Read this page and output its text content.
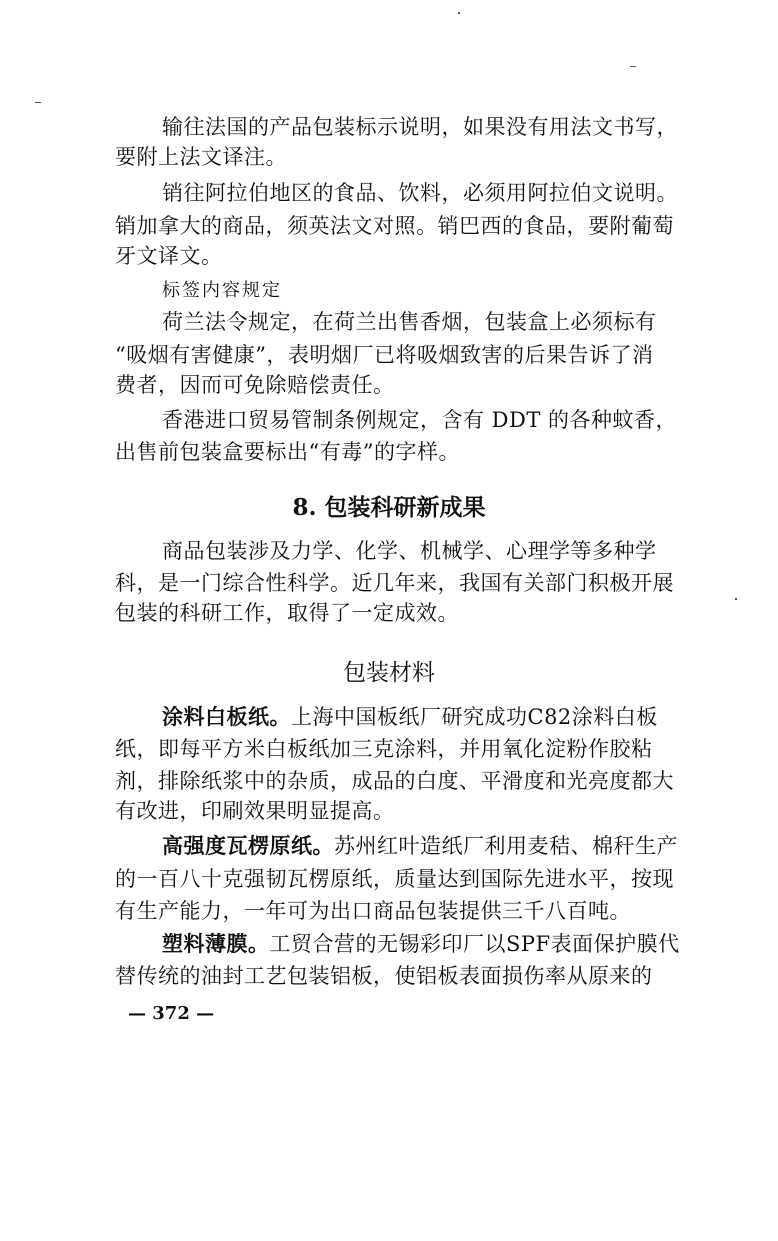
输往法国的产品包装标示说明，如果没有用法文书写，
要附上法文译注。
销往阿拉伯地区的食品、饮料，必须用阿拉伯文说明。
销加拿大的商品，须英法文对照。销巴西的食品，要附葡萄
牙文译文。
标签内容规定
荷兰法令规定，在荷兰出售香烟，包装盒上必须标有
“吸烟有害健康”，表明烟厂已将吸烟致害的后果告诉了消
费者，因而可免除赔偿责任。
香港进口贸易管制条例规定，含有 DDT 的各种蚊香，
出售前包装盒要标出“有毒”的字样。
8. 包装科研新成果
商品包装涉及力学、化学、机械学、心理学等多种学
科，是一门综合性科学。近几年来，我国有关部门积极开展
包装的科研工作，取得了一定成效。
包装材料
涂料白板纸。上海中国板纸厂研究成功C82涂料白板
纸，即每平方米白板纸加三克涂料，并用氧化淀粉作胶粘
剂，排除纸浆中的杂质，成品的白度、平滑度和光亮度都大
有改进，印刷效果明显提高。
高强度瓦楞原纸。苏州红叶造纸厂利用麦秸、棉秆生产
的一百八十克强韧瓦楞原纸，质量达到国际先进水平，按现
有生产能力，一年可为出口商品包装提供三千八百吨。
塑料薄膜。工贸合营的无锡彩印厂以SPF表面保护膜代
替传统的油封工艺包装铝板，使铝板表面损伤率从原来的
— 372 —
